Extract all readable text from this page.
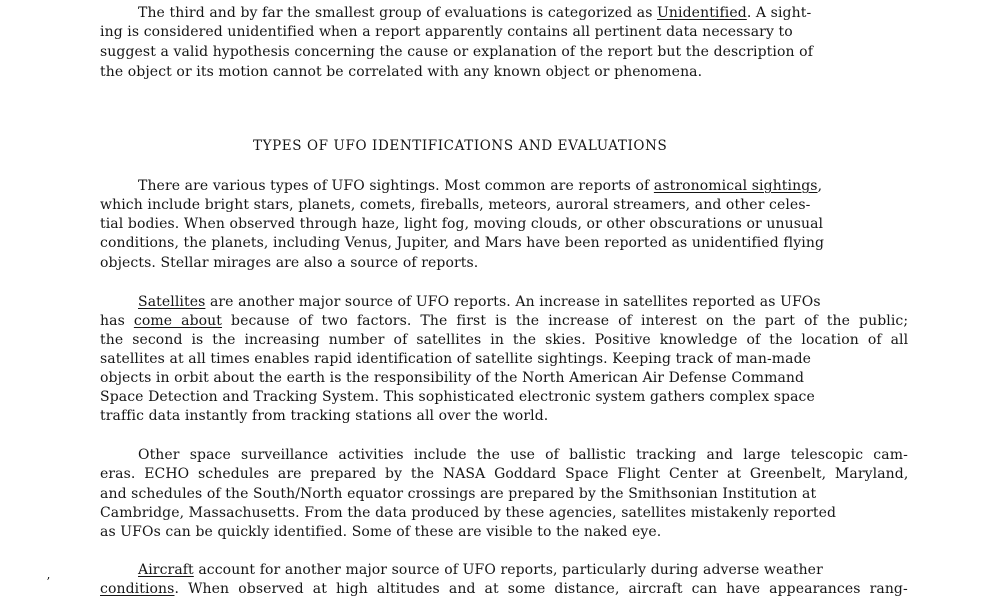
The third and by far the smallest group of evaluations is categorized as Unidentified. A sight-
ing is considered unidentified when a report apparently contains all pertinent data necessary to
suggest a valid hypothesis concerning the cause or explanation of the report but the description of
the object or its motion cannot be correlated with any known object or phenomena.
TYPES OF UFO IDENTIFICATIONS AND EVALUATIONS
There are various types of UFO sightings. Most common are reports of astronomical sightings,
which include bright stars, planets, comets, fireballs, meteors, auroral streamers, and other celes-
tial bodies. When observed through haze, light fog, moving clouds, or other obscurations or unusual
conditions, the planets, including Venus, Jupiter, and Mars have been reported as unidentified flying
objects. Stellar mirages are also a source of reports.
Satellites are another major source of UFO reports. An increase in satellites reported as UFOs
has come about because of two factors. The first is the increase of interest on the part of the public;
the second is the increasing number of satellites in the skies. Positive knowledge of the location of all
satellites at all times enables rapid identification of satellite sightings. Keeping track of man-made
objects in orbit about the earth is the responsibility of the North American Air Defense Command
Space Detection and Tracking System. This sophisticated electronic system gathers complex space
traffic data instantly from tracking stations all over the world.
Other space surveillance activities include the use of ballistic tracking and large telescopic cam-
eras. ECHO schedules are prepared by the NASA Goddard Space Flight Center at Greenbelt, Maryland,
and schedules of the South/North equator crossings are prepared by the Smithsonian Institution at
Cambridge, Massachusetts. From the data produced by these agencies, satellites mistakenly reported
as UFOs can be quickly identified. Some of these are visible to the naked eye.
Aircraft account for another major source of UFO reports, particularly during adverse weather
conditions. When observed at high altitudes and at some distance, aircraft can have appearances rang-
ʼ
